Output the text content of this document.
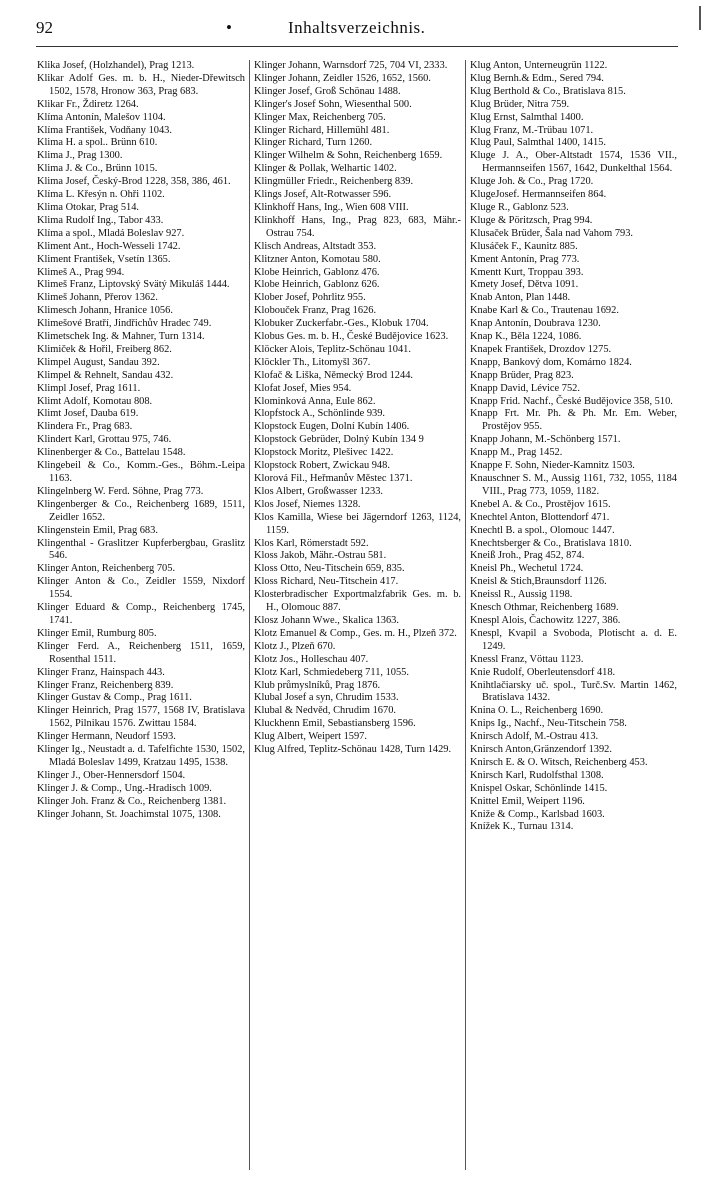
92	•	Inhaltsverzeichnis.
Klika Josef, (Holzhandel), Prag 1213.
Klikar Adolf Ges. m. b. H., Nieder-Dřewitsch 1502, 1578, Hronow 363, Prag 683.
Klikar Fr., Ždiretz 1264.
Klíma Antonín, Malešov 1104.
Klíma František, Vodňany 1043.
Klima H. a spol.. Brünn 610.
Klima J., Prag 1300.
Klima J. & Co., Brünn 1015.
Klima Josef, Český-Brod 1228, 358, 386, 461.
Klíma L. Křesýn n. Ohři 1102.
Klima Otokar, Prag 514.
Klima Rudolf Ing., Tabor 433.
Klíma a spol., Mladá Boleslav 927.
Kliment Ant., Hoch-Wesseli 1742.
Kliment František, Vsetín 1365.
Klimeš A., Prag 994.
Klimeš Franz, Liptovský Svätý Mikuláš 1444.
Klimeš Johann, Přerov 1362.
Klimesch Johann, Hranice 1056.
Klimešové Bratří, Jindřichův Hradec 749.
Klimetschek Ing. & Mahner, Turn 1314.
Klimiček & Hořil, Freiberg 862.
Klimpel August, Sandau 392.
Klimpel & Rehnelt, Sandau 432.
Klimpl Josef, Prag 1611.
Klimt Adolf, Komotau 808.
Klimt Josef, Dauba 619.
Klindera Fr., Prag 683.
Klindert Karl, Grottau 975, 746.
Klinenberger & Co., Battelau 1548.
Klingebeil & Co., Komm.-Ges., Böhm.-Leipa 1163.
Klingelnberg W. Ferd. Söhne, Prag 773.
Klingenberger & Co., Reichenberg 1689, 1511, Zeidler 1652.
Klingenstein Emil, Prag 683.
Klingenthal - Graslitzer Kupferbergbau, Graslitz 546.
Klinger Anton, Reichenberg 705.
Klinger Anton & Co., Zeidler 1559, Nixdorf 1554.
Klinger Eduard & Comp., Reichenberg 1745, 1741.
Klinger Emil, Rumburg 805.
Klinger Ferd. A., Reichenberg 1511, 1659, Rosenthal 1511.
Klinger Franz, Hainspach 443.
Klinger Franz, Reichenberg 839.
Klinger Gustav & Comp., Prag 1611.
Klinger Heinrich, Prag 1577, 1568 IV, Bratislava 1562, Pilnikau 1576. Zwittau 1584.
Klinger Hermann, Neudorf 1593.
Klinger Ig., Neustadt a. d. Tafelfichte 1530, 1502, Mladá Boleslav 1499, Kratzau 1495, 1538.
Klinger J., Ober-Hennersdorf 1504.
Klinger J. & Comp., Ung.-Hradisch 1009.
Klinger Joh. Franz & Co., Reichenberg 1381.
Klinger Johann, St. Joachimstal 1075, 1308.
Klinger Johann, Warnsdorf 725, 704 VI, 2333.
Klinger Johann, Zeidler 1526, 1652, 1560.
Klinger Josef, Groß Schönau 1488.
Klinger's Josef Sohn, Wiesenthal 500.
Klinger Max, Reichenberg 705.
Klinger Richard, Hillemühl 481.
Klinger Richard, Turn 1260.
Klinger Wilhelm & Sohn, Reichenberg 1659.
Klinger & Pollak, Welhartic 1402.
Klingmüller Friedr., Reichenberg 839.
Klings Josef, Alt-Rotwasser 596.
Klinkhoff Hans, Ing., Wien 608 VIII.
Klinkhoff Hans, Ing., Prag 823, 683, Mähr.-Ostrau 754.
Klisch Andreas, Altstadt 353.
Klitzner Anton, Komotau 580.
Klobe Heinrich, Gablonz 476.
Klobe Heinrich, Gablonz 626.
Klober Josef, Pohrlitz 955.
Klobouček Franz, Prag 1626.
Klobuker Zuckerfabr.-Ges., Klobuk 1704.
Klobus Ges. m. b. H., České Budějovice 1623.
Klöcker Alois, Teplitz-Schönau 1041.
Klöckler Th., Litomyšl 367.
Klofač & Liška, Německý Brod 1244.
Klofat Josef, Mies 954.
Klominková Anna, Eule 862.
Klopfstock A., Schönlinde 939.
Klopstock Eugen, Dolní Kubín 1406.
Klopstock Gebrüder, Dolný Kubín 134 9
Klopstock Moritz, Plešivec 1422.
Klopstock Robert, Zwickau 948.
Klorová Fil., Heřmanův Městec 1371.
Klos Albert, Großwasser 1233.
Klos Josef, Niemes 1328.
Klos Kamilla, Wiese bei Jägerndorf 1263, 1124, 1159.
Klos Karl, Römerstadt 592.
Kloss Jakob, Mähr.-Ostrau 581.
Kloss Otto, Neu-Titschein 659, 835.
Kloss Richard, Neu-Titschein 417.
Klosterbradischer Exportmalzfabrik Ges. m. b. H., Olomouc 887.
Klosz Johann Wwe., Skalica 1363.
Klotz Emanuel & Comp., Ges. m. H., Plzeň 372.
Klotz J., Plzeň 670.
Klotz Jos., Holleschau 407.
Klotz Karl, Schmiedeberg 711, 1055.
Klub průmyslníků, Prag 1876.
Klubal Josef a syn, Chrudim 1533.
Klubal & Nedvěd, Chrudim 1670.
Kluckhenn Emil, Sebastiansberg 1596.
Klug Albert, Weipert 1597.
Klug Alfred, Teplitz-Schönau 1428, Turn 1429.
Klug Anton, Unterneugrün 1122.
Klug Bernh.& Edm., Sered 794.
Klug Berthold & Co., Bratislava 815.
Klug Brüder, Nitra 759.
Klug Ernst, Salmthal 1400.
Klug Franz, M.-Trübau 1071.
Klug Paul, Salmthal 1400, 1415.
Kluge J. A., Ober-Altstadt 1574, 1536 VII., Hermannseifen 1567, 1642, Dunkelthal 1564.
Kluge Joh. & Co., Prag 1720.
KlugeJosef. Hermannseifen 864.
Kluge R., Gablonz 523.
Kluge & Pöritzsch, Prag 994.
Klusaček Brüder, Šala nad Vahom 793.
Klusáček F., Kaunitz 885.
Kment Antonín, Prag 773.
Kmentt Kurt, Troppau 393.
Kmety Josef, Dětva 1091.
Knab Anton, Plan 1448.
Knabe Karl & Co., Trautenau 1692.
Knap Antonín, Doubrava 1230.
Knap K., Běla 1224, 1086.
Knapek František, Drozdov 1275.
Knapp, Bankový dom, Komárno 1824.
Knapp Brüder, Prag 823.
Knapp David, Lévice 752.
Knapp Frid. Nachf., České Budějovice 358, 510.
Knapp Frt. Mr. Ph. & Ph. Mr. Em. Weber, Prostějov 955.
Knapp Johann, M.-Schönberg 1571.
Knapp M., Prag 1452.
Knappe F. Sohn, Nieder-Kamnitz 1503.
Knauschner S. M., Aussig 1161, 732, 1055, 1184 VIII., Prag 773, 1059, 1182.
Knebel A. & Co., Prostějov 1615.
Knechtel Anton, Blottendorf 471.
Knechtl B. a spol., Olomouc 1447.
Knechtsberger & Co., Bratislava 1810.
Kneiß Jroh., Prag 452, 874.
Kneisl Ph., Wechetul 1724.
Kneisl & Stich,Braunsdorf 1126.
Kneissl R., Aussig 1198.
Knesch Othmar, Reichenberg 1689.
Knespl Alois, Čachowitz 1227, 386.
Knespl, Kvapil a Svoboda, Plotischt a. d. E. 1249.
Knessl Franz, Vöttau 1123.
Knie Rudolf, Oberleutensdorf 418.
Knihtlačiarsky uč. spol., Turč.Sv. Martin 1462, Bratislava 1432.
Knina O. L., Reichenberg 1690.
Knips Ig., Nachf., Neu-Titschein 758.
Knirsch Adolf, M.-Ostrau 413.
Knirsch Anton,Gränzendorf 1392.
Knirsch E. & O. Witsch, Reichenberg 453.
Knirsch Karl, Rudolfsthal 1308.
Knispel Oskar, Schönlinde 1415.
Knittel Emil, Weipert 1196.
Kniže & Comp., Karlsbad 1603.
Knížek K., Turnau 1314.
